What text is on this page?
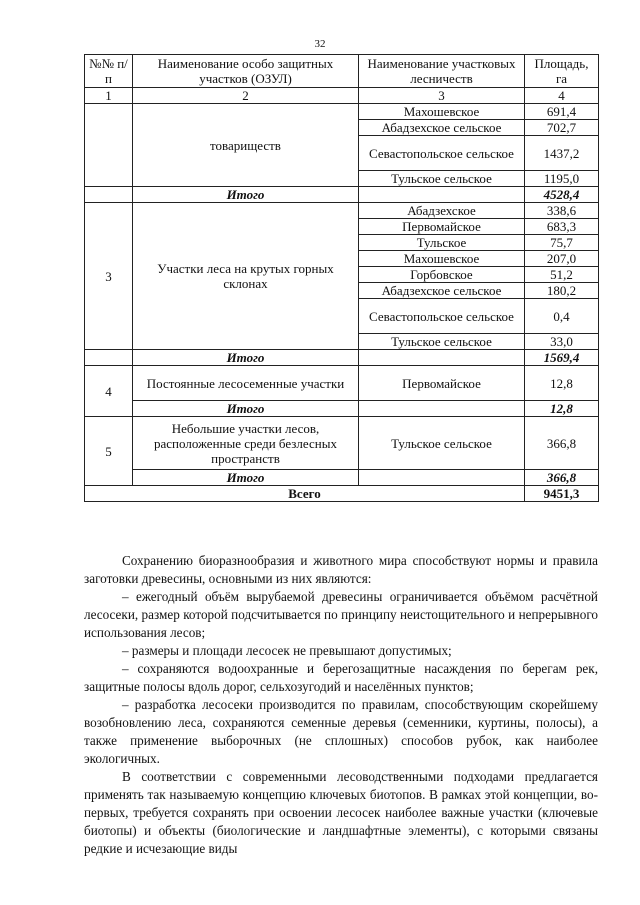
32
№№ п/п	Наименование особо защитных участков (ОЗУЛ)	Наименование участковых лесничеств	Площадь, га
1	2	3	4
	товариществ	Махошевское	691,4
		Абадзехское сельское	702,7
		Севастопольское сельское	1437,2
		Тульское сельское	1195,0
	Итого		4528,4
3	Участки леса на крутых горных склонах	Абадзехское	338,6
		Первомайское	683,3
		Тульское	75,7
		Махошевское	207,0
		Горбовское	51,2
		Абадзехское сельское	180,2
		Севастопольское сельское	0,4
		Тульское сельское	33,0
	Итого		1569,4
4	Постоянные лесосеменные участки	Первомайское	12,8
	Итого		12,8
5	Небольшие участки лесов, расположенные среди безлесных пространств	Тульское сельское	366,8
	Итого		366,8
Всего			9451,3

Сохранению биоразнообразия и животного мира способствуют нормы и правила заготовки древесины, основными из них являются:

– ежегодный объём вырубаемой древесины ограничивается объёмом расчётной лесосеки, размер которой подсчитывается по принципу неистощительного и непрерывного использования лесов;

– размеры и площади лесосек не превышают допустимых;

– сохраняются водоохранные и берегозащитные насаждения по берегам рек, защитные полосы вдоль дорог, сельхозугодий и населённых пунктов;

– разработка лесосеки производится по правилам, способствующим скорейшему возобновлению леса, сохраняются семенные деревья (семенники, куртины, полосы), а также применение выборочных (не сплошных) способов рубок, как наиболее экологичных.

В соответствии с современными лесоводственными подходами предлагается применять так называемую концепцию ключевых биотопов. В рамках этой концепции, во-первых, требуется сохранять при освоении лесосек наиболее важные участки (ключевые биотопы) и объекты (биологические и ландшафтные элементы), с которыми связаны редкие и исчезающие виды
